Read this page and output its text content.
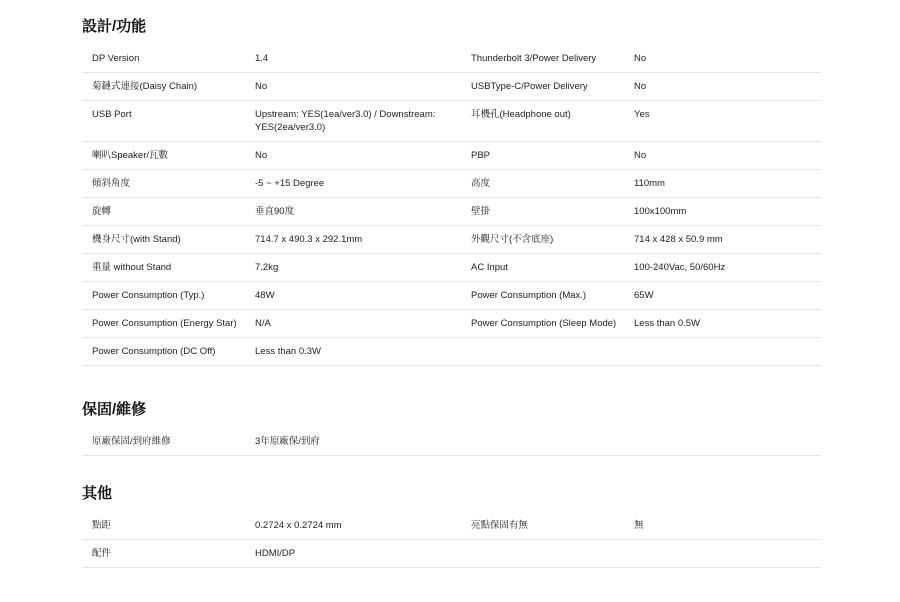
設計/功能
DP Version	1.4	Thunderbolt 3/Power Delivery	No
菊鏈式連接(Daisy Chain)	No	USBType-C/Power Delivery	No
USB Port	Upstream: YES(1ea/ver3.0) / Downstream: YES(2ea/ver3.0)	耳機孔(Headphone out)	Yes
喇叭Speaker/瓦數	No	PBP	No
傾斜角度	-5 ~ +15 Degree	高度	110mm
旋轉	垂直90度	壁掛	100x100mm
機身尺寸(with Stand)	714.7 x 490.3 x 292.1mm	外觀尺寸(不含底座)	714 x 428 x 50.9 mm
重量 without Stand	7.2kg	AC Input	100-240Vac, 50/60Hz
Power Consumption (Typ.)	48W	Power Consumption (Max.)	65W
Power Consumption (Energy Star)	N/A	Power Consumption (Sleep Mode)	Less than 0.5W
Power Consumption (DC Off)	Less than 0.3W		
保固/維修
原廠保固/到府維修	3年原廠保/到府		
其他
點距	0.2724 x 0.2724 mm	亮點保固有無	無
配件	HDMI/DP		
